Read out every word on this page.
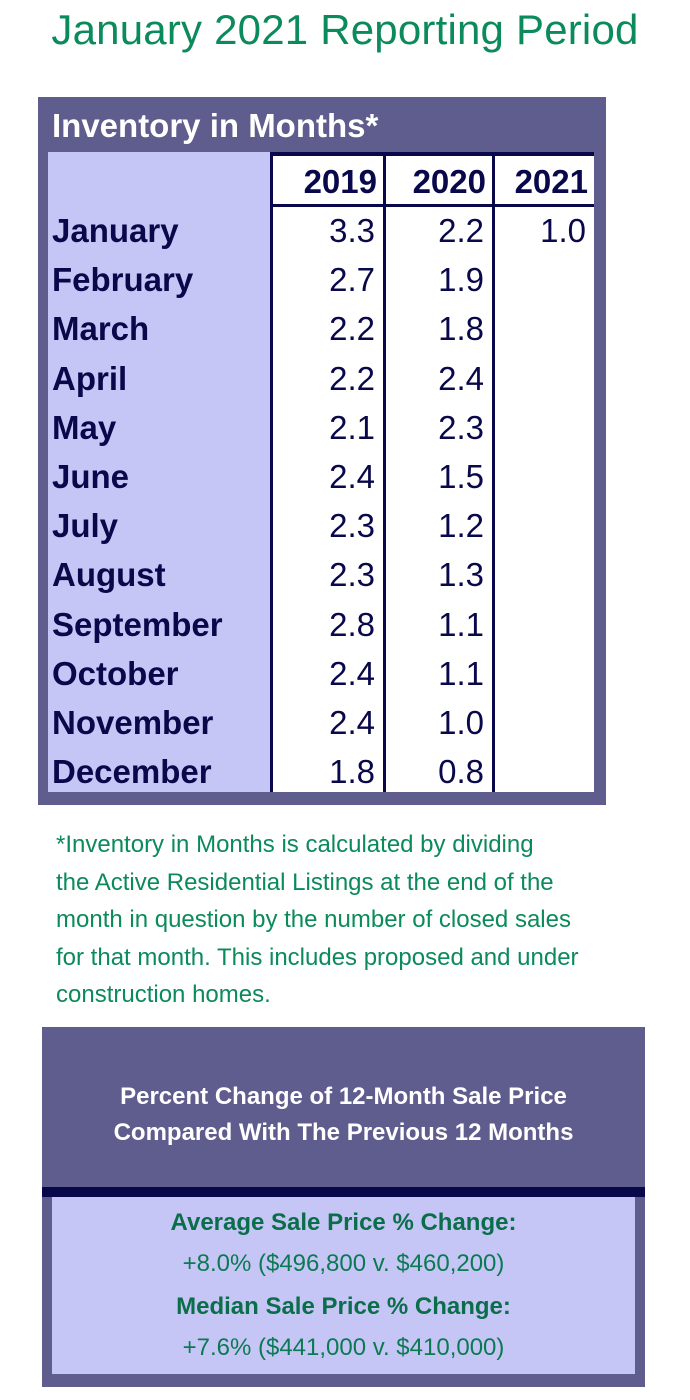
January 2021 Reporting Period
Inventory in Months*
2019	2020 2021
January	3.3	2.2	1.0
February	2.7	1.9
March	2.2	1.8
April	2.2	2.4
May	2.1	2.3
June	2.4	1.5
July	2.3	1.2
August	2.3	1.3
September	2.8	1.1
October	2.4	1.1
November	2.4	1.0
December	1.8	0.8
*Inventory in Months is calculated by dividing
the Active Residential Listings at the end of the
month in question by the number of closed sales
for that month. This includes proposed and under
construction homes.
Percent Change of 12-Month Sale Price
Compared With The Previous 12 Months
Average Sale Price % Change:
+8.0% ($496,800 v. $460,200)
Median Sale Price % Change:
+7.6% ($441,000 v. $410,000)
